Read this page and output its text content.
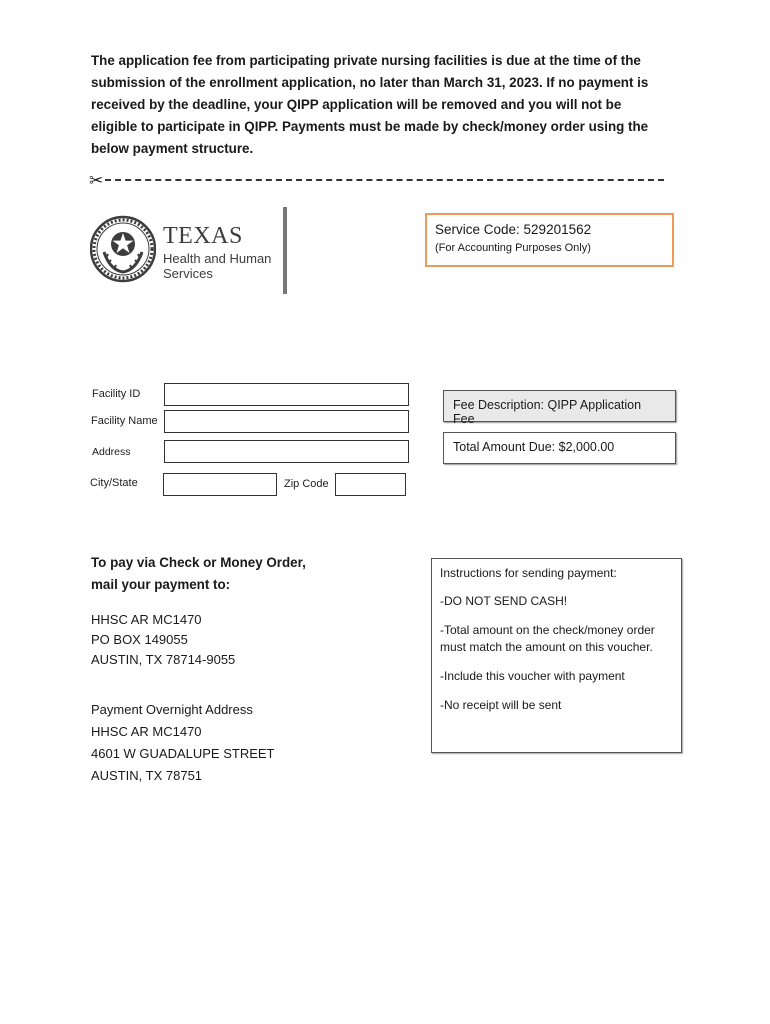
The application fee from participating private nursing facilities is due at the time of the submission of the enrollment application, no later than March 31, 2023. If no payment is received by the deadline, your QIPP application will be removed and you will not be eligible to participate in QIPP. Payments must be made by check/money order using the below payment structure.

✂
TEXAS
Health and Human
Services
Service Code: 529201562
(For Accounting Purposes Only)
Facility ID
Facility Name
Address
City/State	Zip Code
Fee Description: QIPP Application Fee
Total Amount Due: $2,000.00
To pay via Check or Money Order,
mail your payment to:
HHSC AR MC1470
PO BOX 149055
AUSTIN, TX 78714-9055
Payment Overnight Address
HHSC AR MC1470
4601 W GUADALUPE STREET
AUSTIN, TX 78751

Instructions for sending payment:

-DO NOT SEND CASH!

-Total amount on the check/money order must match the amount on this voucher.

-Include this voucher with payment

-No receipt will be sent
